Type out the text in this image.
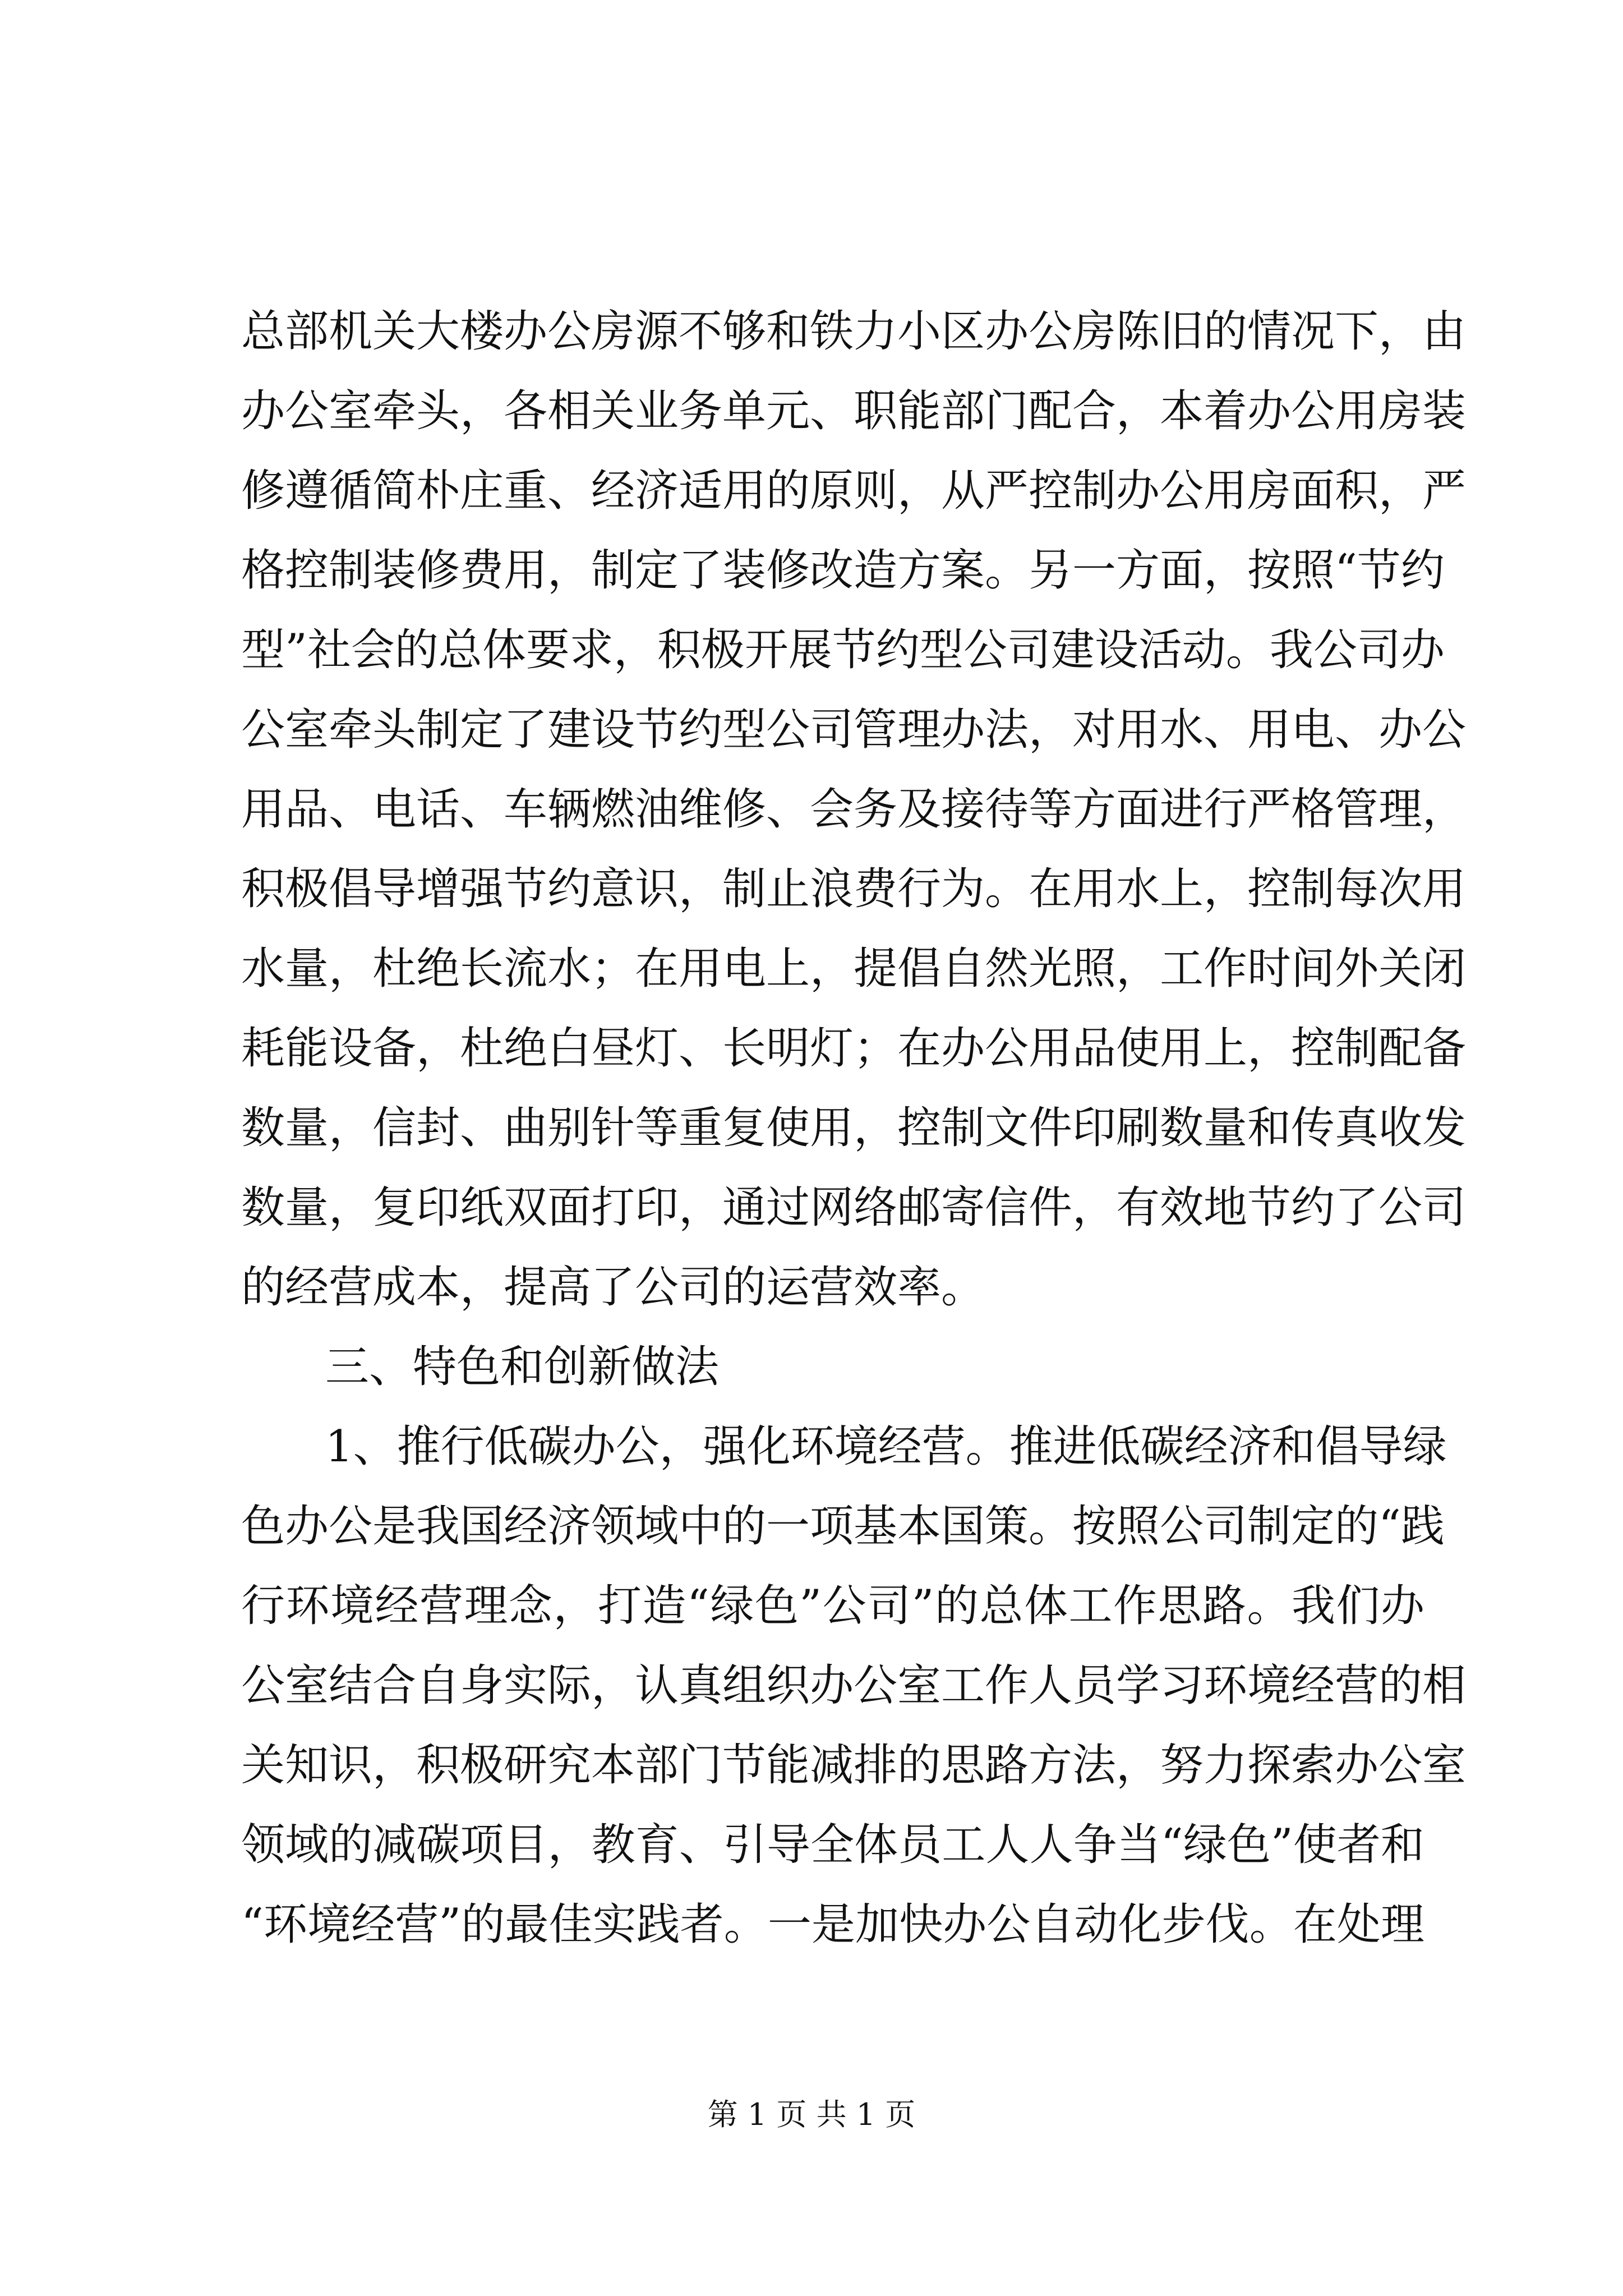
总部机关大楼办公房源不够和铁力小区办公房陈旧的情况下，由
办公室牵头，各相关业务单元、职能部门配合，本着办公用房装
修遵循简朴庄重、经济适用的原则，从严控制办公用房面积，严
格控制装修费用，制定了装修改造方案。另一方面，按照“节约
型”社会的总体要求，积极开展节约型公司建设活动。我公司办
公室牵头制定了建设节约型公司管理办法，对用水、用电、办公
用品、电话、车辆燃油维修、会务及接待等方面进行严格管理，
积极倡导增强节约意识，制止浪费行为。在用水上，控制每次用
水量，杜绝长流水；在用电上，提倡自然光照，工作时间外关闭
耗能设备，杜绝白昼灯、长明灯；在办公用品使用上，控制配备
数量，信封、曲别针等重复使用，控制文件印刷数量和传真收发
数量，复印纸双面打印，通过网络邮寄信件，有效地节约了公司
的经营成本，提高了公司的运营效率。
三、特色和创新做法
1、推行低碳办公，强化环境经营。推进低碳经济和倡导绿
色办公是我国经济领域中的一项基本国策。按照公司制定的“践
行环境经营理念，打造“绿色”公司”的总体工作思路。我们办
公室结合自身实际，认真组织办公室工作人员学习环境经营的相
关知识，积极研究本部门节能减排的思路方法，努力探索办公室
领域的减碳项目，教育、引导全体员工人人争当“绿色”使者和
“环境经营”的最佳实践者。一是加快办公自动化步伐。在处理
第 1 页 共 1 页
